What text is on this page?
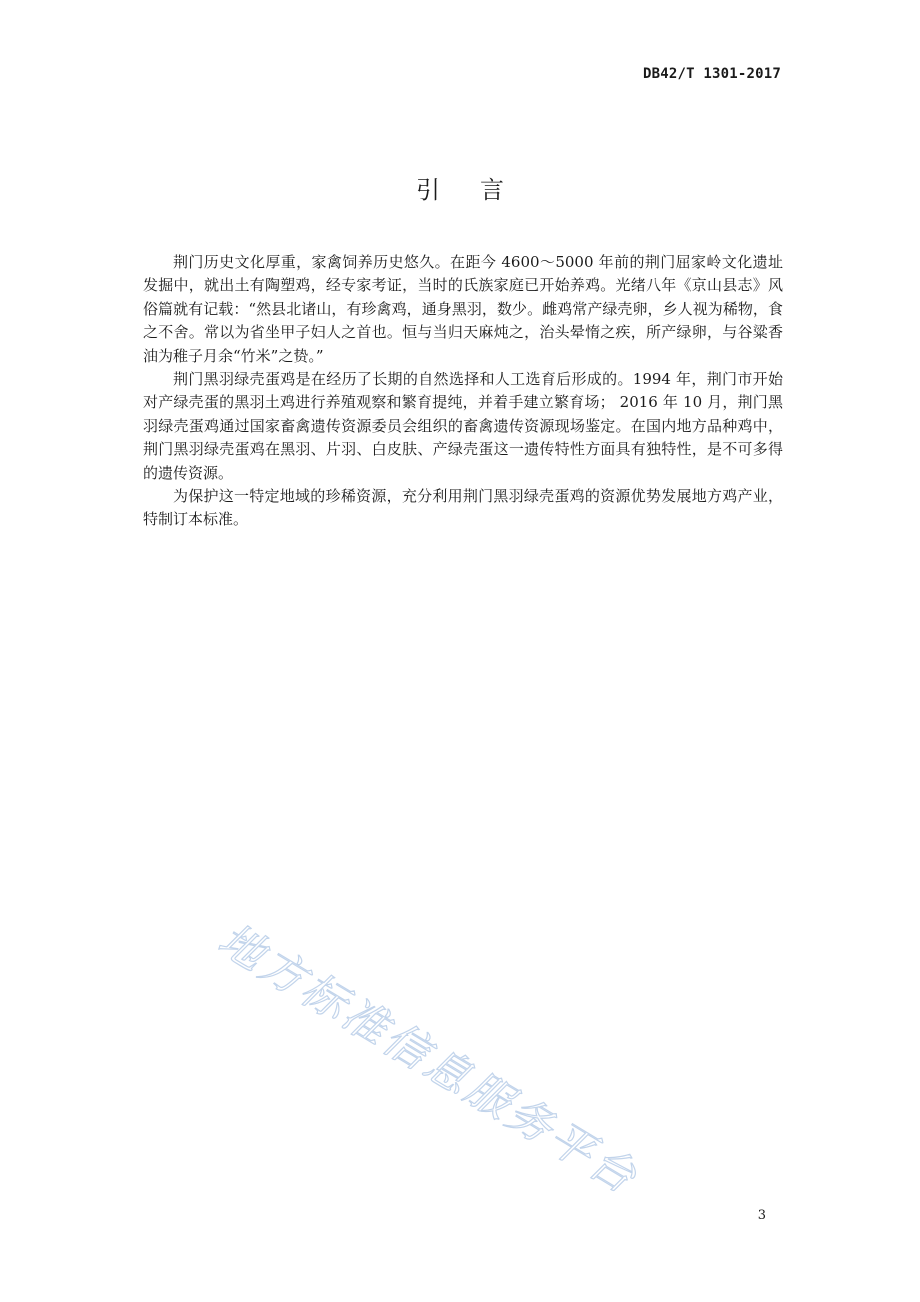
DB42/T 1301-2017
引言

荆门历史文化厚重，家禽饲养历史悠久。在距今 4600～5000 年前的荆门屈家岭文化遗址发掘中，就出土有陶塑鸡，经专家考证，当时的氏族家庭已开始养鸡。光绪八年《京山县志》风俗篇就有记载：“然县北诸山，有珍禽鸡，通身黑羽，数少。雌鸡常产绿壳卵，乡人视为稀物，食之不舍。常以为省坐甲子妇人之首也。恒与当归天麻炖之，治头晕惰之疾，所产绿卵，与谷粱香油为稚子月余“竹米”之贽。”

荆门黑羽绿壳蛋鸡是在经历了长期的自然选择和人工选育后形成的。1994 年，荆门市开始对产绿壳蛋的黑羽土鸡进行养殖观察和繁育提纯，并着手建立繁育场； 2016 年 10 月，荆门黑羽绿壳蛋鸡通过国家畜禽遗传资源委员会组织的畜禽遗传资源现场鉴定。在国内地方品种鸡中，荆门黑羽绿壳蛋鸡在黑羽、片羽、白皮肤、产绿壳蛋这一遗传特性方面具有独特性，是不可多得的遗传资源。

为保护这一特定地域的珍稀资源，充分利用荆门黑羽绿壳蛋鸡的资源优势发展地方鸡产业，特制订本标准。

地方标准信息服务平台
3
